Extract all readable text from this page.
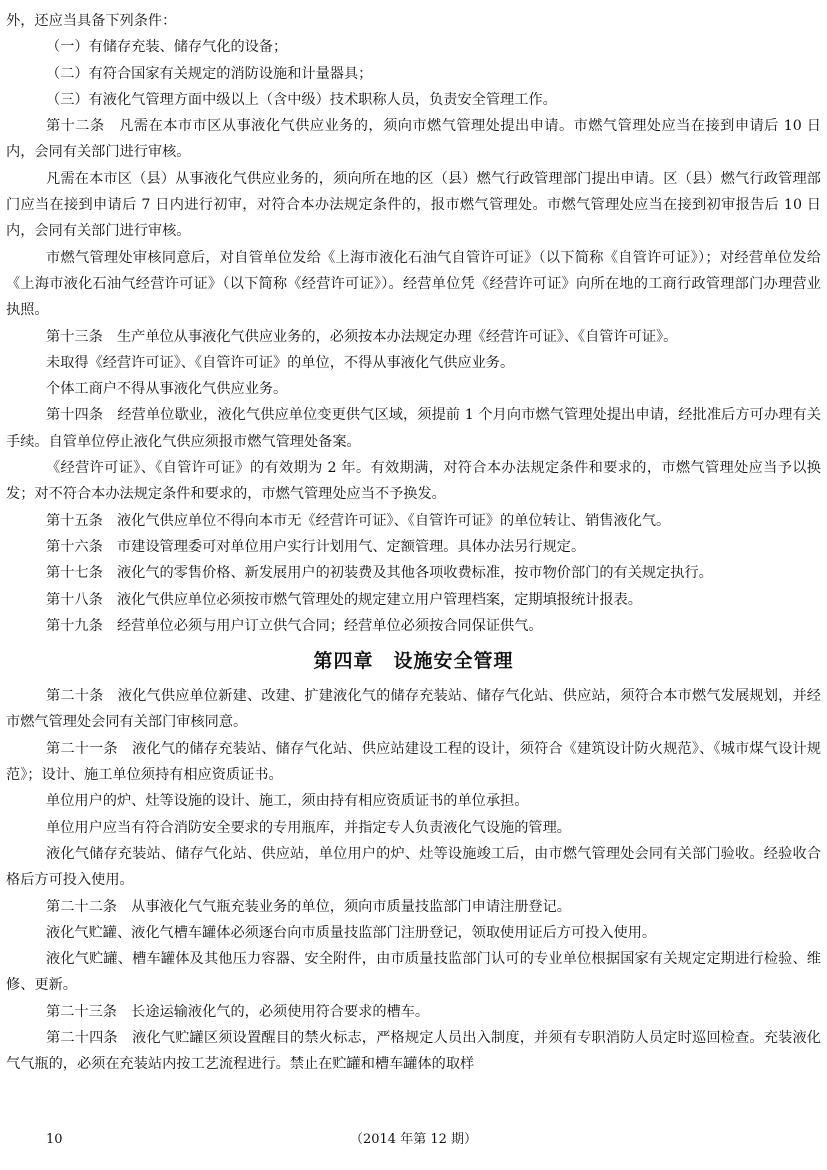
外，还应当具备下列条件：

（一）有储存充装、储存气化的设备；

（二）有符合国家有关规定的消防设施和计量器具；

（三）有液化气管理方面中级以上（含中级）技术职称人员，负责安全管理工作。

第十二条　凡需在本市市区从事液化气供应业务的，须向市燃气管理处提出申请。市燃气管理处应当在接到申请后 10 日内，会同有关部门进行审核。

凡需在本市区（县）从事液化气供应业务的，须向所在地的区（县）燃气行政管理部门提出申请。区（县）燃气行政管理部门应当在接到申请后 7 日内进行初审，对符合本办法规定条件的，报市燃气管理处。市燃气管理处应当在接到初审报告后 10 日内，会同有关部门进行审核。

市燃气管理处审核同意后，对自管单位发给《上海市液化石油气自管许可证》（以下简称《自管许可证》）；对经营单位发给《上海市液化石油气经营许可证》（以下简称《经营许可证》）。经营单位凭《经营许可证》向所在地的工商行政管理部门办理营业执照。

第十三条　生产单位从事液化气供应业务的，必须按本办法规定办理《经营许可证》、《自管许可证》。

未取得《经营许可证》、《自管许可证》的单位，不得从事液化气供应业务。

个体工商户不得从事液化气供应业务。

第十四条　经营单位歇业，液化气供应单位变更供气区域，须提前 1 个月向市燃气管理处提出申请，经批准后方可办理有关手续。自管单位停止液化气供应须报市燃气管理处备案。

《经营许可证》、《自管许可证》的有效期为 2 年。有效期满，对符合本办法规定条件和要求的，市燃气管理处应当予以换发；对不符合本办法规定条件和要求的，市燃气管理处应当不予换发。

第十五条　液化气供应单位不得向本市无《经营许可证》、《自管许可证》的单位转让、销售液化气。

第十六条　市建设管理委可对单位用户实行计划用气、定额管理。具体办法另行规定。

第十七条　液化气的零售价格、新发展用户的初装费及其他各项收费标准，按市物价部门的有关规定执行。

第十八条　液化气供应单位必须按市燃气管理处的规定建立用户管理档案，定期填报统计报表。

第十九条　经营单位必须与用户订立供气合同；经营单位必须按合同保证供气。

第四章　设施安全管理

第二十条　液化气供应单位新建、改建、扩建液化气的储存充装站、储存气化站、供应站，须符合本市燃气发展规划，并经市燃气管理处会同有关部门审核同意。

第二十一条　液化气的储存充装站、储存气化站、供应站建设工程的设计，须符合《建筑设计防火规范》、《城市煤气设计规范》；设计、施工单位须持有相应资质证书。

单位用户的炉、灶等设施的设计、施工，须由持有相应资质证书的单位承担。

单位用户应当有符合消防安全要求的专用瓶库，并指定专人负责液化气设施的管理。

液化气储存充装站、储存气化站、供应站，单位用户的炉、灶等设施竣工后，由市燃气管理处会同有关部门验收。经验收合格后方可投入使用。

第二十二条　从事液化气气瓶充装业务的单位，须向市质量技监部门申请注册登记。

液化气贮罐、液化气槽车罐体必须逐台向市质量技监部门注册登记，领取使用证后方可投入使用。

液化气贮罐、槽车罐体及其他压力容器、安全附件，由市质量技监部门认可的专业单位根据国家有关规定定期进行检验、维修、更新。

第二十三条　长途运输液化气的，必须使用符合要求的槽车。

第二十四条　液化气贮罐区须设置醒目的禁火标志，严格规定人员出入制度，并须有专职消防人员定时巡回检查。充装液化气气瓶的，必须在充装站内按工艺流程进行。禁止在贮罐和槽车罐体的取样

10	（2014 年第 12 期）
